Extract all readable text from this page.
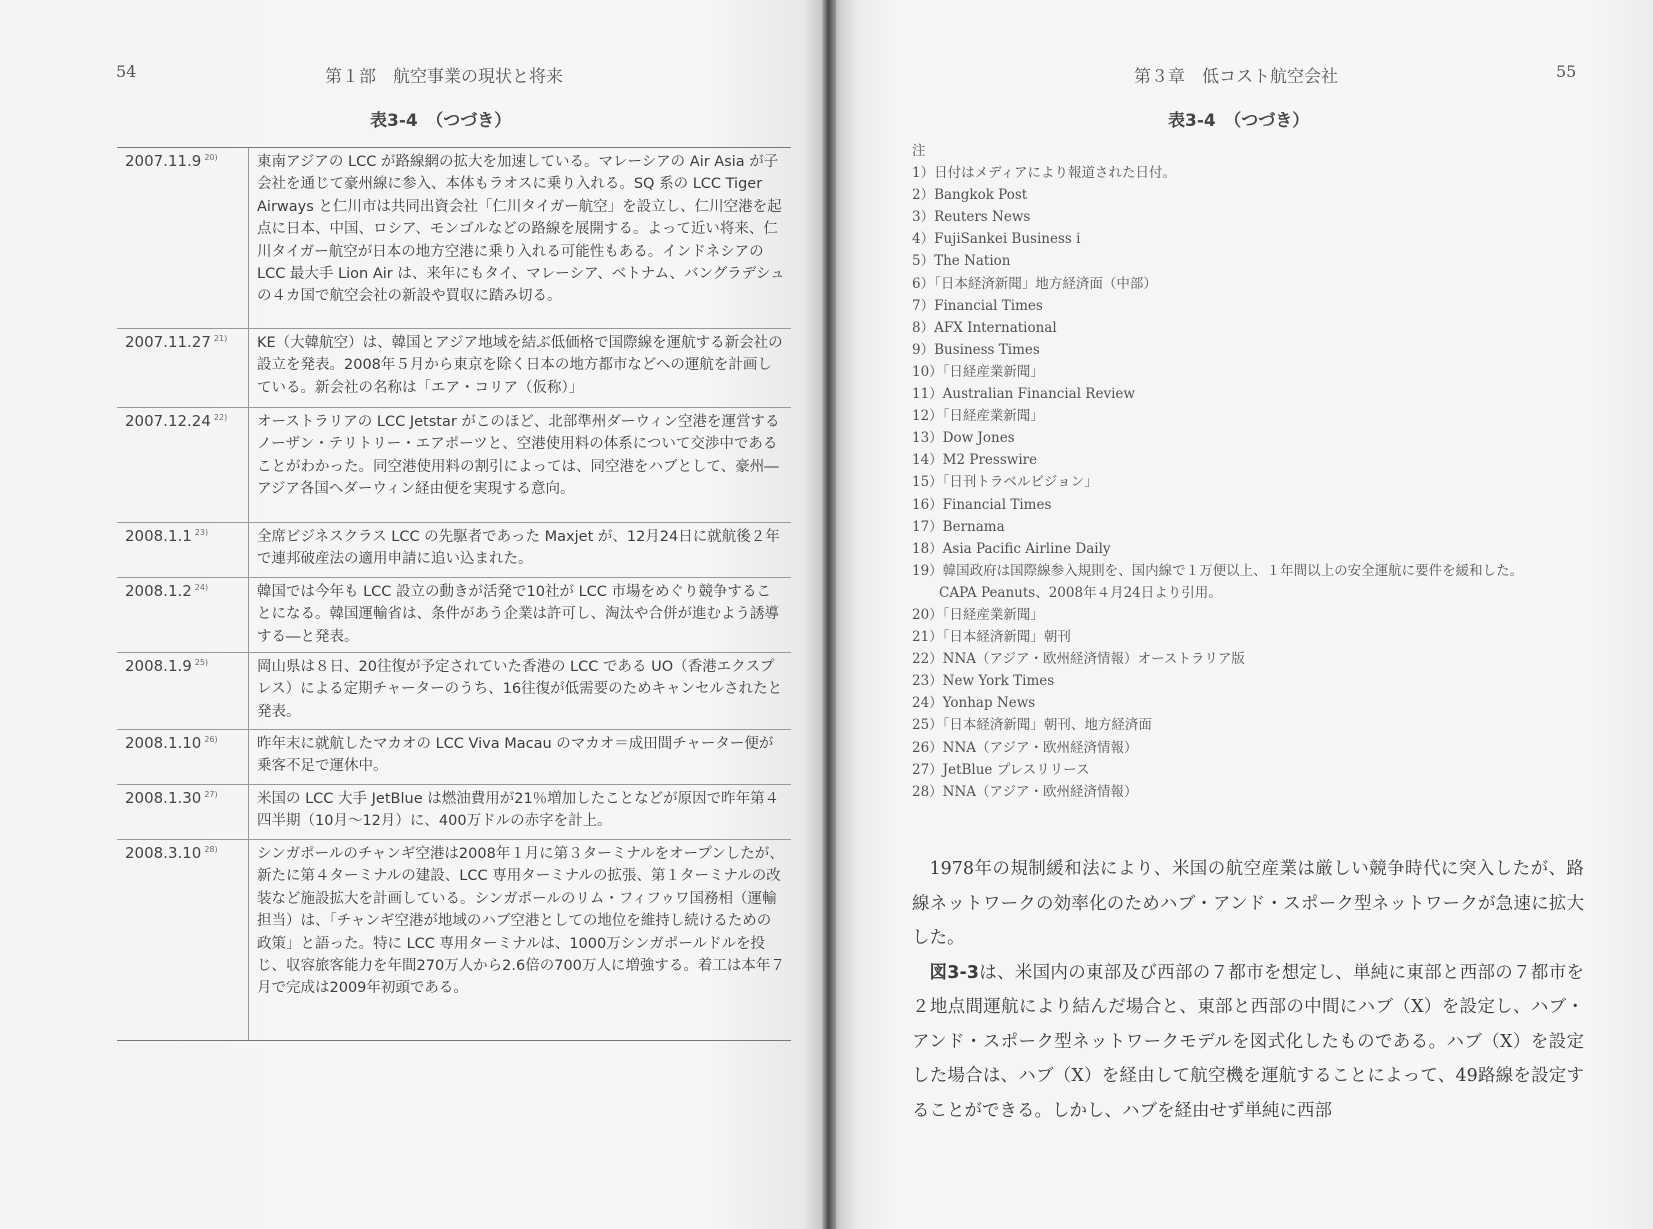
54	第１部　航空事業の現状と将来
表3-4　（つづき）
2007.11.9 $^{20)}$	東南アジアの LCC が路線網の拡大を加速している。マレーシアの Air Asia が子会社を通じて豪州線に参入、本体もラオスに乗り入れる。SQ 系の LCC Tiger Airways と仁川市は共同出資会社「仁川タイガー航空」を設立し、仁川空港を起点に日本、中国、ロシア、モンゴルなどの路線を展開する。よって近い将来、仁川タイガー航空が日本の地方空港に乗り入れる可能性もある。インドネシアの LCC 最大手 Lion Air は、来年にもタイ、マレーシア、ベトナム、バングラデシュの４カ国で航空会社の新設や買収に踏み切る。
2007.11.27 $^{21)}$	KE（大韓航空）は、韓国とアジア地域を結ぶ低価格で国際線を運航する新会社の設立を発表。2008年５月から東京を除く日本の地方都市などへの運航を計画している。新会社の名称は「エア・コリア（仮称）」
2007.12.24 $^{22)}$	オーストラリアの LCC Jetstar がこのほど、北部準州ダーウィン空港を運営するノーザン・テリトリー・エアポーツと、空港使用料の体系について交渉中であることがわかった。同空港使用料の割引によっては、同空港をハブとして、豪州―アジア各国へダーウィン経由便を実現する意向。
2008.1.1 $^{23)}$	全席ビジネスクラス LCC の先駆者であった Maxjet が、12月24日に就航後２年で連邦破産法の適用申請に追い込まれた。
2008.1.2 $^{24)}$	韓国では今年も LCC 設立の動きが活発で10社が LCC 市場をめぐり競争することになる。韓国運輸省は、条件があう企業は許可し、淘汰や合併が進むよう誘導する―と発表。
2008.1.9 $^{25)}$	岡山県は８日、20往復が予定されていた香港の LCC である UO（香港エクスプレス）による定期チャーターのうち、16往復が低需要のためキャンセルされたと発表。
2008.1.10 $^{26)}$	昨年末に就航したマカオの LCC Viva Macau のマカオ＝成田間チャーター便が乗客不足で運休中。
2008.1.30 $^{27)}$	米国の LCC 大手 JetBlue は燃油費用が21％増加したことなどが原因で昨年第４四半期（10月～12月）に、400万ドルの赤字を計上。
2008.3.10 $^{28)}$	シンガポールのチャンギ空港は2008年１月に第３ターミナルをオープンしたが、新たに第４ターミナルの建設、LCC 専用ターミナルの拡張、第１ターミナルの改装など施設拡大を計画している。シンガポールのリム・フィフゥワ国務相（運輸担当）は、「チャンギ空港が地域のハブ空港としての地位を維持し続けるための政策」と語った。特に LCC 専用ターミナルは、1000万シンガポールドルを投じ、収容旅客能力を年間270万人から2.6倍の700万人に増強する。着工は本年７月で完成は2009年初頭である。
第３章　低コスト航空会社	55
表3-4　（つづき）
注
1）日付はメディアにより報道された日付。
2）Bangkok Post
3）Reuters News
4）FujiSankei Business i
5）The Nation
6）「日本経済新聞」地方経済面（中部）
7）Financial Times
8）AFX International
9）Business Times
10）「日経産業新聞」
11）Australian Financial Review
12）「日経産業新聞」
13）Dow Jones
14）M2 Presswire
15）「日刊トラベルビジョン」
16）Financial Times
17）Bernama
18）Asia Pacific Airline Daily
19）韓国政府は国際線参入規則を、国内線で１万便以上、１年間以上の安全運航に要件を緩和した。
CAPA Peanuts、2008年４月24日より引用。
20）「日経産業新聞」
21）「日本経済新聞」朝刊
22）NNA（アジア・欧州経済情報）オーストラリア版
23）New York Times
24）Yonhap News
25）「日本経済新聞」朝刊、地方経済面
26）NNA（アジア・欧州経済情報）
27）JetBlue プレスリリース
28）NNA（アジア・欧州経済情報）

1978年の規制緩和法により、米国の航空産業は厳しい競争時代に突入したが、路線ネットワークの効率化のためハブ・アンド・スポーク型ネットワークが急速に拡大した。

図3-3は、米国内の東部及び西部の７都市を想定し、単純に東部と西部の７都市を２地点間運航により結んだ場合と、東部と西部の中間にハブ（X）を設定し、ハブ・アンド・スポーク型ネットワークモデルを図式化したものである。ハブ（X）を設定した場合は、ハブ（X）を経由して航空機を運航することによって、49路線を設定することができる。しかし、ハブを経由せず単純に西部
